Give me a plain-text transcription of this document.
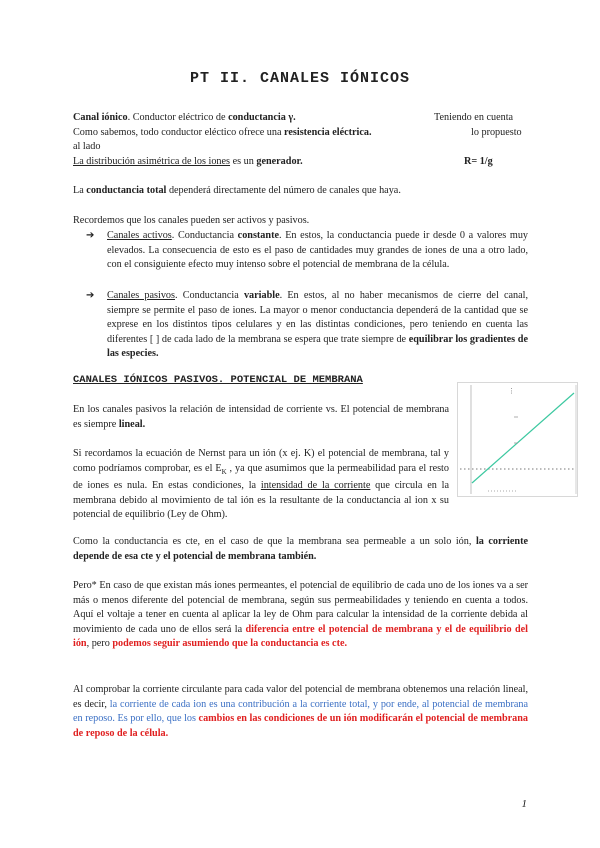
PT II. CANALES IÓNICOS
Canal iónico. Conductor eléctrico de conductancia γ.	Teniendo en cuenta
Como sabemos, todo conductor eléctico ofrece una resistencia eléctrica.	lo propuesto
al lado
La distribución asimétrica de los iones es un generador.	R= 1/g
La conductancia total dependerá directamente del número de canales que haya.
Recordemos que los canales pueden ser activos y pasivos.
➔ Canales activos. Conductancia constante. En estos, la conductancia puede ir desde 0 a valores muy elevados. La consecuencia de esto es el paso de cantidades muy grandes de iones de una a otro lado, con el consiguiente efecto muy intenso sobre el potencial de membrana de la célula.
➔ Canales pasivos. Conductancia variable. En estos, al no haber mecanismos de cierre del canal, siempre se permite el paso de iones. La mayor o menor conductancia dependerá de la cantidad que se exprese en los distintos tipos celulares y en las distintas condiciones, pero teniendo en cuenta las diferentes [ ] de cada lado de la membrana se espera que trate siempre de equilibrar los gradientes de las especies.
CANALES IÓNICOS PASIVOS. POTENCIAL DE MEMBRANA
⋮
En los canales pasivos la relación de intensidad de corriente vs. El potencial de membrana es siempre lineal.
Si recordamos la ecuación de Nernst para un ión (x ej. K) el potencial de membrana, tal y como podríamos comprobar, es el $E_K$ , ya que asumimos que la permeabilidad para el resto de iones es nula. En estas condiciones, la intensidad de la corriente que circula en la membrana debido al movimiento de tal ión es la resultante de la conductancia al ion x su potencial de equilibrio (Ley de Ohm).
Como la conductancia es cte, en el caso de que la membrana sea permeable a un solo ión, la corriente depende de esa cte y el potencial de membrana también.
Pero* En caso de que existan más iones permeantes, el potencial de equilibrio de cada uno de los iones va a ser más o menos diferente del potencial de membrana, según sus permeabilidades y teniendo en cuenta a todos. Aquí el voltaje a tener en cuenta al aplicar la ley de Ohm para calcular la intensidad de la corriente debida al movimiento de cada uno de ellos será la diferencia entre el potencial de membrana y el de equilibrio del ión, pero podemos seguir asumiendo que la conductancia es cte.
Al comprobar la corriente circulante para cada valor del potencial de membrana obtenemos una relación lineal, es decir, la corriente de cada ion es una contribución a la corriente total, y por ende, al potencial de membrana en reposo. Es por ello, que los cambios en las condiciones de un ión modificarán el potencial de membrana de reposo de la célula.
1
